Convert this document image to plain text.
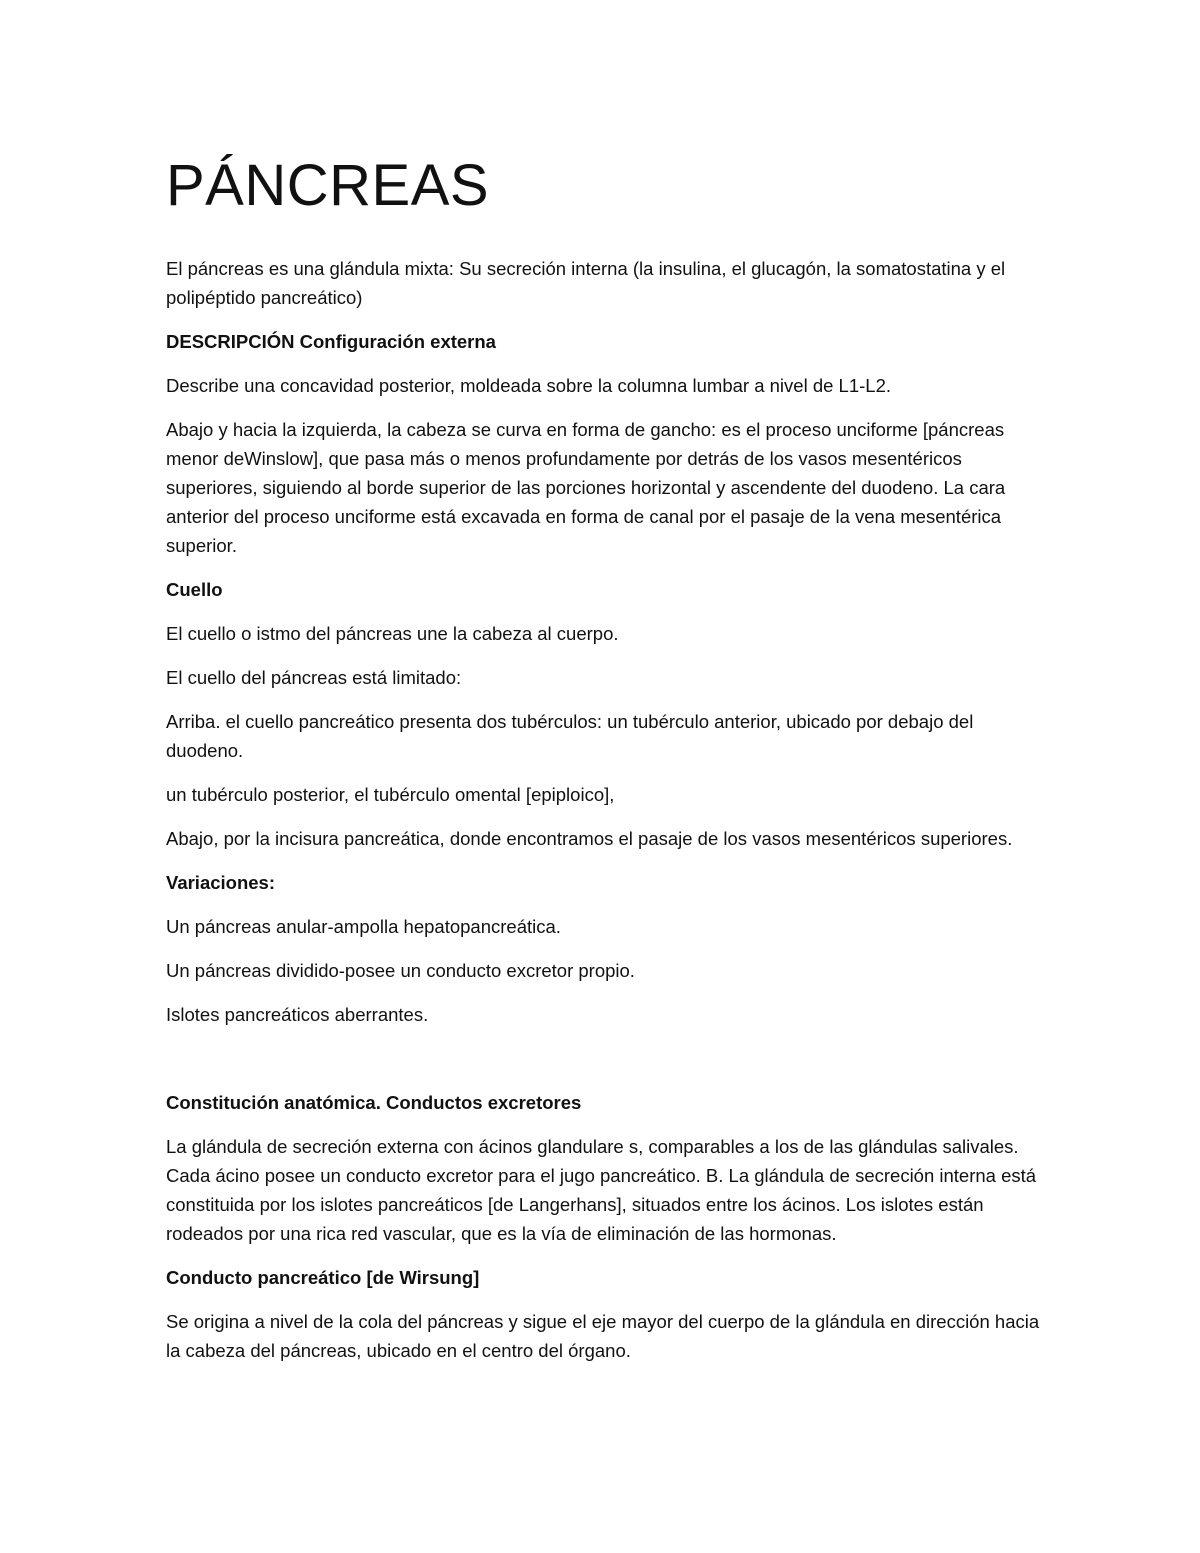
PÁNCREAS

El páncreas es una glándula mixta: Su secreción interna (la insulina, el glucagón, la somatostatina y el polipéptido pancreático)

DESCRIPCIÓN Configuración externa

Describe una concavidad posterior, moldeada sobre la columna lumbar a nivel de L1-L2.

Abajo y hacia la izquierda, la cabeza se curva en forma de gancho: es el proceso unciforme [páncreas menor deWinslow], que pasa más o menos profundamente por detrás de los vasos mesentéricos superiores, siguiendo al borde superior de las porciones horizontal y ascendente del duodeno. La cara anterior del proceso unciforme está excavada en forma de canal por el pasaje de la vena mesentérica superior.

Cuello

El cuello o istmo del páncreas une la cabeza al cuerpo.

El cuello del páncreas está limitado:

Arriba. el cuello pancreático presenta dos tubérculos: un tubérculo anterior, ubicado por debajo del duodeno.

un tubérculo posterior, el tubérculo omental [epiploico],

Abajo, por la incisura pancreática, donde encontramos el pasaje de los vasos mesentéricos superiores.

Variaciones:

Un páncreas anular-ampolla hepatopancreática.

Un páncreas dividido-posee un conducto excretor propio.

Islotes pancreáticos aberrantes.

Constitución anatómica. Conductos excretores

La glándula de secreción externa con ácinos glandulare s, comparables a los de las glándulas salivales. Cada ácino posee un conducto excretor para el jugo pancreático. B. La glándula de secreción interna está constituida por los islotes pancreáticos [de Langerhans], situados entre los ácinos. Los islotes están rodeados por una rica red vascular, que es la vía de eliminación de las hormonas.

Conducto pancreático [de Wirsung]

Se origina a nivel de la cola del páncreas y sigue el eje mayor del cuerpo de la glándula en dirección hacia la cabeza del páncreas, ubicado en el centro del órgano.
